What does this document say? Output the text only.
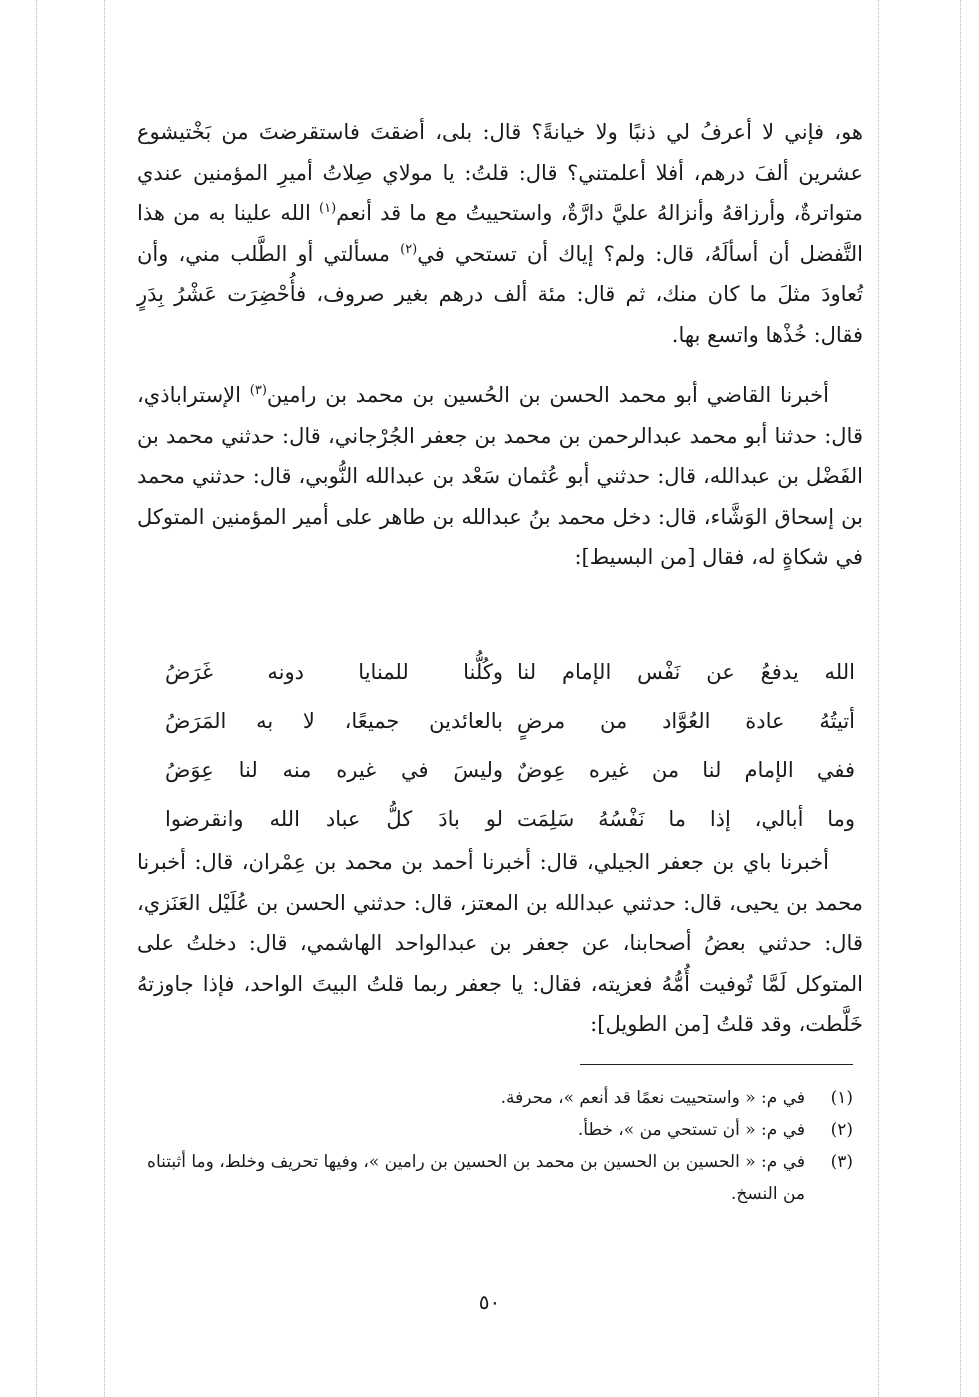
هو، فإني لا أعرفُ لي ذنبًا ولا خيانةً؟ قال: بلى، أضقتَ فاستقرضتَ من بَخْتيشوع عشرين ألفَ درهم، أفلا أعلمتني؟ قال: قلتُ: يا مولاي صِلاتُ أميرِ المؤمنين عندي متواترةٌ، وأرزاقهُ وأنزالهُ عليَّ دارَّةٌ، واستحييتُ مع ما قد أنعم$^{(١)}$ الله علينا به من هذا التَّفضل أن أسألَهُ، قال: ولم؟ إياك أن تستحي في$^{(٢)}$ مسألتي أو الطَّلب مني، وأن تُعاودَ مثلَ ما كان منك، ثم قال: مئة ألف درهم بغير صروف، فأُحْضِرَت عَشْرُ بِدَرٍ فقال: خُذْها واتسع بها.

أخبرنا القاضي أبو محمد الحسن بن الحُسين بن محمد بن رامين$^{(٣)}$ الإستراباذي، قال: حدثنا أبو محمد عبدالرحمن بن محمد بن جعفر الجُرْجاني، قال: حدثني محمد بن الفَضْل بن عبدالله، قال: حدثني أبو عُثمان سَعْد بن عبدالله النُّوبي، قال: حدثني محمد بن إسحاق الوَشَّاء، قال: دخل محمد بنُ عبدالله بن طاهر على أمير المؤمنين المتوكل في شكاةٍ له، فقال [من البسيط]:

الله يدفعُ عن نَفْس الإمام لنا
وكُلُّنا للمنايا دونه غَرَضُ
أتيتُهُ عادة العُوَّاد من مرضٍ
بالعائدين جميعًا، لا به المَرَضُ
ففي الإمام لنا من غيره عِوضٌ
وليسَ في غيره منه لنا عِوَضُ
وما أبالي، إذا ما نَفْسُهُ سَلِمَت
لو بادَ كلُّ عباد الله وانقرضوا

أخبرنا باي بن جعفر الجيلي، قال: أخبرنا أحمد بن محمد بن عِمْران، قال: أخبرنا محمد بن يحيى، قال: حدثني عبدالله بن المعتز، قال: حدثني الحسن بن عُلَيْل العَنَزي، قال: حدثني بعضُ أصحابنا، عن جعفر بن عبدالواحد الهاشمي، قال: دخلتُ على المتوكل لَمَّا تُوفيت أُمُّهُ فعزيته، فقال: يا جعفر ربما قلتُ البيتَ الواحد، فإذا جاوزتهُ خَلَّطت، وقد قلتُ [من الطويل]:

(١)
في م: « واستحييت نعمًا قد أنعم »، محرفة.
(٢)
في م: « أن تستحي من »، خطأ.
(٣)
في م: « الحسين بن الحسين بن محمد بن الحسين بن رامين »، وفيها تحريف وخلط، وما أثبتناه من النسخ.
٥٠
